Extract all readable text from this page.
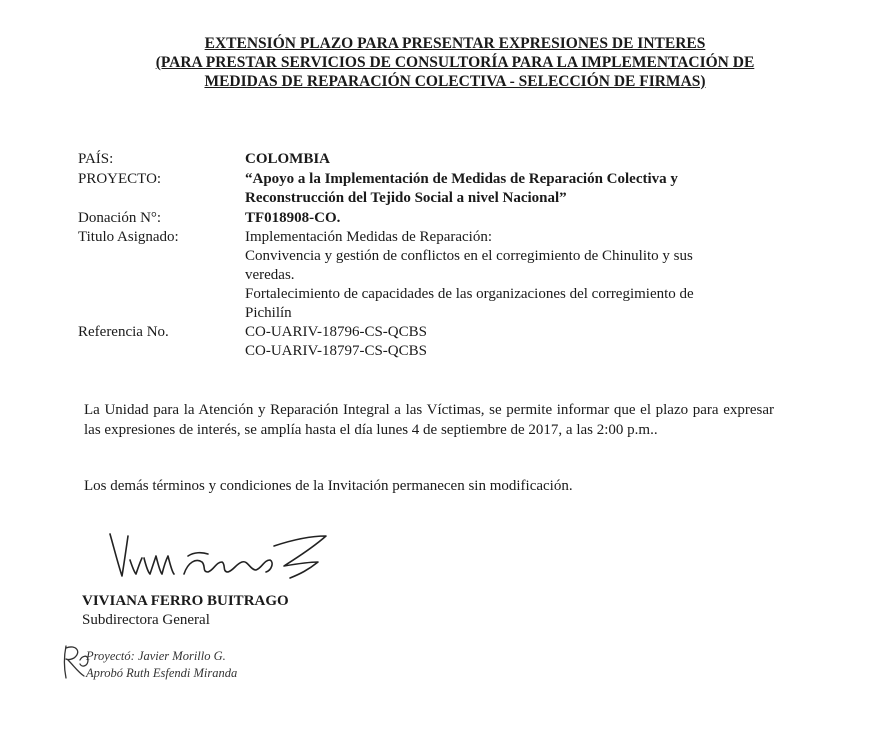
EXTENSIÓN PLAZO PARA PRESENTAR EXPRESIONES DE INTERES
(PARA PRESTAR SERVICIOS DE CONSULTORÍA PARA LA IMPLEMENTACIÓN DE
MEDIDAS DE REPARACIÓN COLECTIVA - SELECCIÓN DE FIRMAS)
PAÍS:	COLOMBIA
PROYECTO:	“Apoyo a la Implementación de Medidas de Reparación Colectiva y
Reconstrucción del Tejido Social a nivel Nacional”
Donación N°:	TF018908-CO.
Titulo Asignado:	Implementación Medidas de Reparación:
Convivencia y gestión de conflictos en el corregimiento de Chinulito y sus
veredas.
Fortalecimiento de capacidades de las organizaciones del corregimiento de
Pichilín
Referencia No.	CO-UARIV-18796-CS-QCBS
CO-UARIV-18797-CS-QCBS
La Unidad para la Atención y Reparación Integral a las Víctimas, se permite informar que el plazo para expresar las expresiones de interés, se amplía hasta el día lunes 4 de septiembre de 2017, a las 2:00 p.m..
Los demás términos y condiciones de la Invitación permanecen sin modificación.
VIVIANA FERRO BUITRAGO
Subdirectora General
Proyectó: Javier Morillo G.
Aprobó Ruth Esfendi Miranda
